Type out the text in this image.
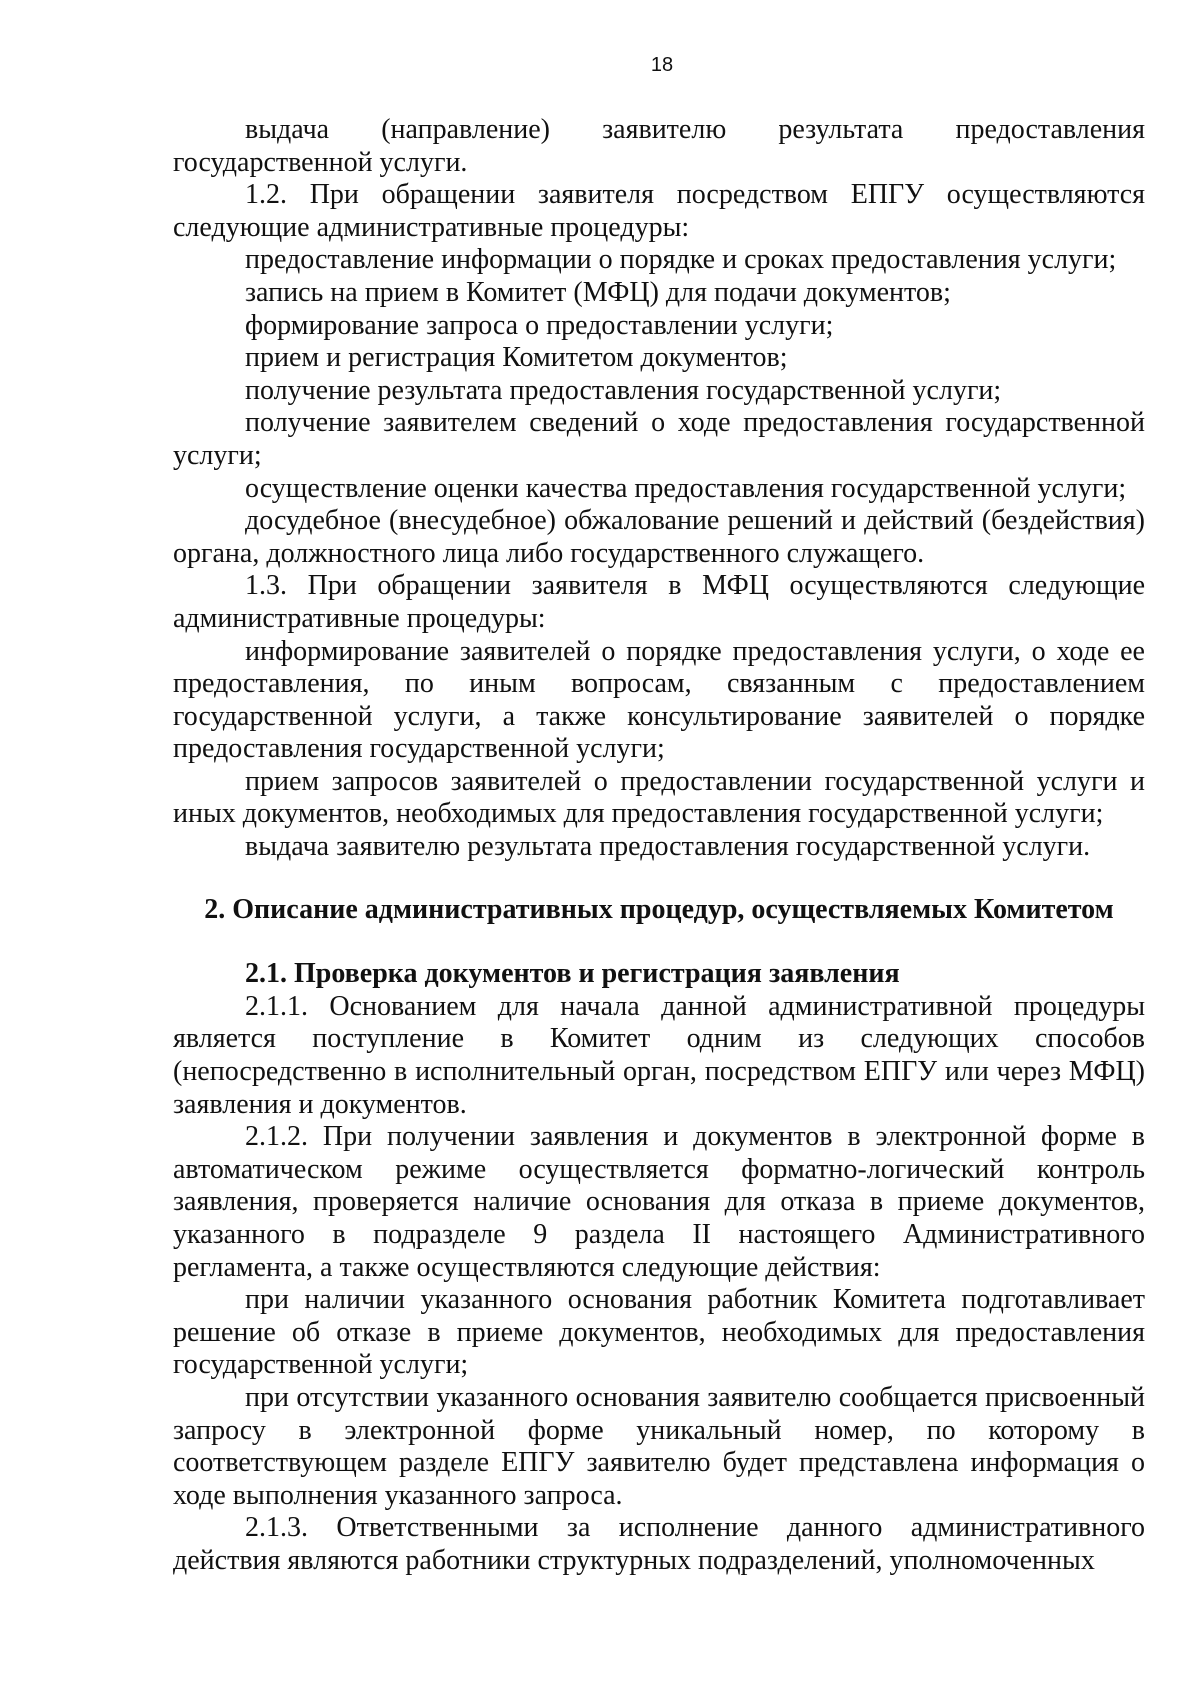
18

выдача (направление) заявителю результата предоставления государственной услуги.

1.2. При обращении заявителя посредством ЕПГУ осуществляются следующие административные процедуры:

предоставление информации о порядке и сроках предоставления услуги;

запись на прием в Комитет (МФЦ) для подачи документов;

формирование запроса о предоставлении услуги;

прием и регистрация Комитетом документов;

получение результата предоставления государственной услуги;

получение заявителем сведений о ходе предоставления государственной услуги;

осуществление оценки качества предоставления государственной услуги;

досудебное (внесудебное) обжалование решений и действий (бездействия) органа, должностного лица либо государственного служащего.

1.3. При обращении заявителя в МФЦ осуществляются следующие административные процедуры:

информирование заявителей о порядке предоставления услуги, о ходе ее предоставления, по иным вопросам, связанным с предоставлением государственной услуги, а также консультирование заявителей о порядке предоставления государственной услуги;

прием запросов заявителей о предоставлении государственной услуги и иных документов, необходимых для предоставления государственной услуги;

выдача заявителю результата предоставления государственной услуги.

2. Описание административных процедур, осуществляемых Комитетом

2.1. Проверка документов и регистрация заявления

2.1.1. Основанием для начала данной административной процедуры является поступление в Комитет одним из следующих способов (непосредственно в исполнительный орган, посредством ЕПГУ или через МФЦ) заявления и документов.

2.1.2. При получении заявления и документов в электронной форме в автоматическом режиме осуществляется форматно-логический контроль заявления, проверяется наличие основания для отказа в приеме документов, указанного в подразделе 9 раздела II настоящего Административного регламента, а также осуществляются следующие действия:

при наличии указанного основания работник Комитета подготавливает решение об отказе в приеме документов, необходимых для предоставления государственной услуги;

при отсутствии указанного основания заявителю сообщается присвоенный запросу в электронной форме уникальный номер, по которому в соответствующем разделе ЕПГУ заявителю будет представлена информация о ходе выполнения указанного запроса.

2.1.3. Ответственными за исполнение данного административного действия являются работники структурных подразделений, уполномоченных
